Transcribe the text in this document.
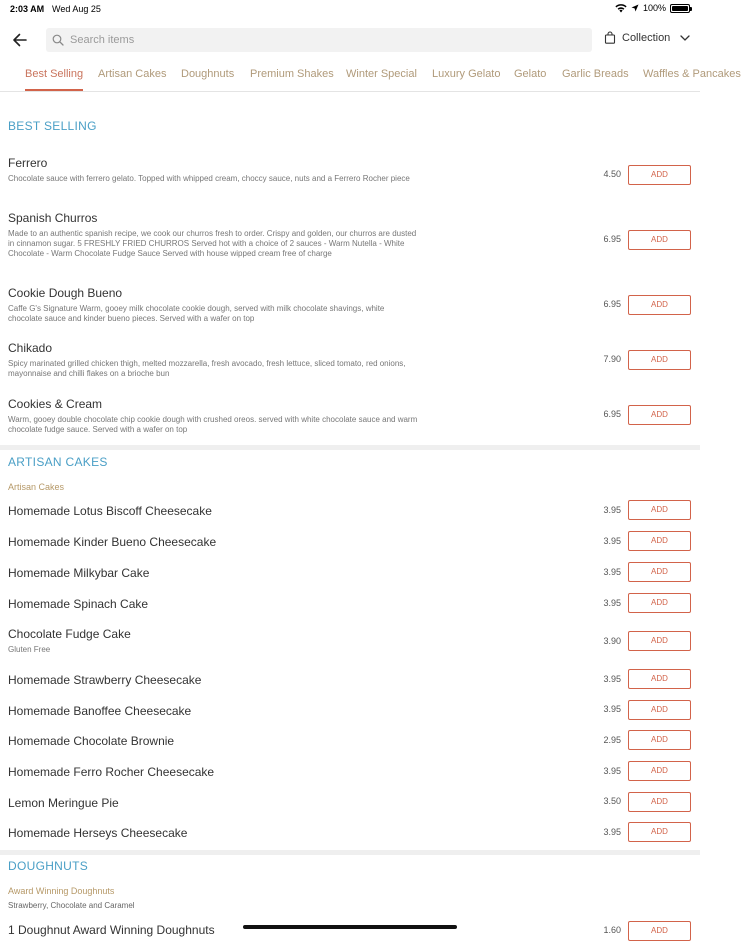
2:03 AM Wed Aug 25	100%
Search items
Collection
Best Selling Artisan Cakes Doughnuts Premium Shakes Winter Special Luxury Gelato Gelato Garlic Breads Waffles & Pancakes
BEST SELLING
Ferrero
Chocolate sauce with ferrero gelato. Topped with whipped cream, choccy sauce, nuts and a Ferrero Rocher piece	4.50	ADD
Spanish Churros
Made to an authentic spanish recipe, we cook our churros fresh to order. Crispy and golden, our churros are dusted in cinnamon sugar. 5 FRESHLY FRIED CHURROS Served hot with a choice of 2 sauces - Warm Nutella - White Chocolate - Warm Chocolate Fudge Sauce Served with house wipped cream free of charge
6.95	ADD
Cookie Dough Bueno
Caffe G's Signature Warm, gooey milk chocolate cookie dough, served with milk chocolate shavings, white chocolate sauce and kinder bueno pieces. Served with a wafer on top
6.95	ADD
Chikado
Spicy marinated grilled chicken thigh, melted mozzarella, fresh avocado, fresh lettuce, sliced tomato, red onions, mayonnaise and chilli flakes on a brioche bun
7.90	ADD
Cookies & Cream
Warm, gooey double chocolate chip cookie dough with crushed oreos. served with white chocolate sauce and warm chocolate fudge sauce. Served with a wafer on top
6.95	ADD
ARTISAN CAKES
Artisan Cakes
Homemade Lotus Biscoff Cheesecake	3.95	ADD
Homemade Kinder Bueno Cheesecake	3.95	ADD
Homemade Milkybar Cake	3.95	ADD
Homemade Spinach Cake	3.95	ADD
Chocolate Fudge Cake
Gluten Free
3.90	ADD
Homemade Strawberry Cheesecake	3.95	ADD
Homemade Banoffee Cheesecake	3.95	ADD
Homemade Chocolate Brownie	2.95	ADD
Homemade Ferro Rocher Cheesecake	3.95	ADD
Lemon Meringue Pie	3.50	ADD
Homemade Herseys Cheesecake	3.95	ADD
DOUGHNUTS
Award Winning Doughnuts
Strawberry, Chocolate and Caramel
1 Doughnut Award Winning Doughnuts	1.60	ADD
